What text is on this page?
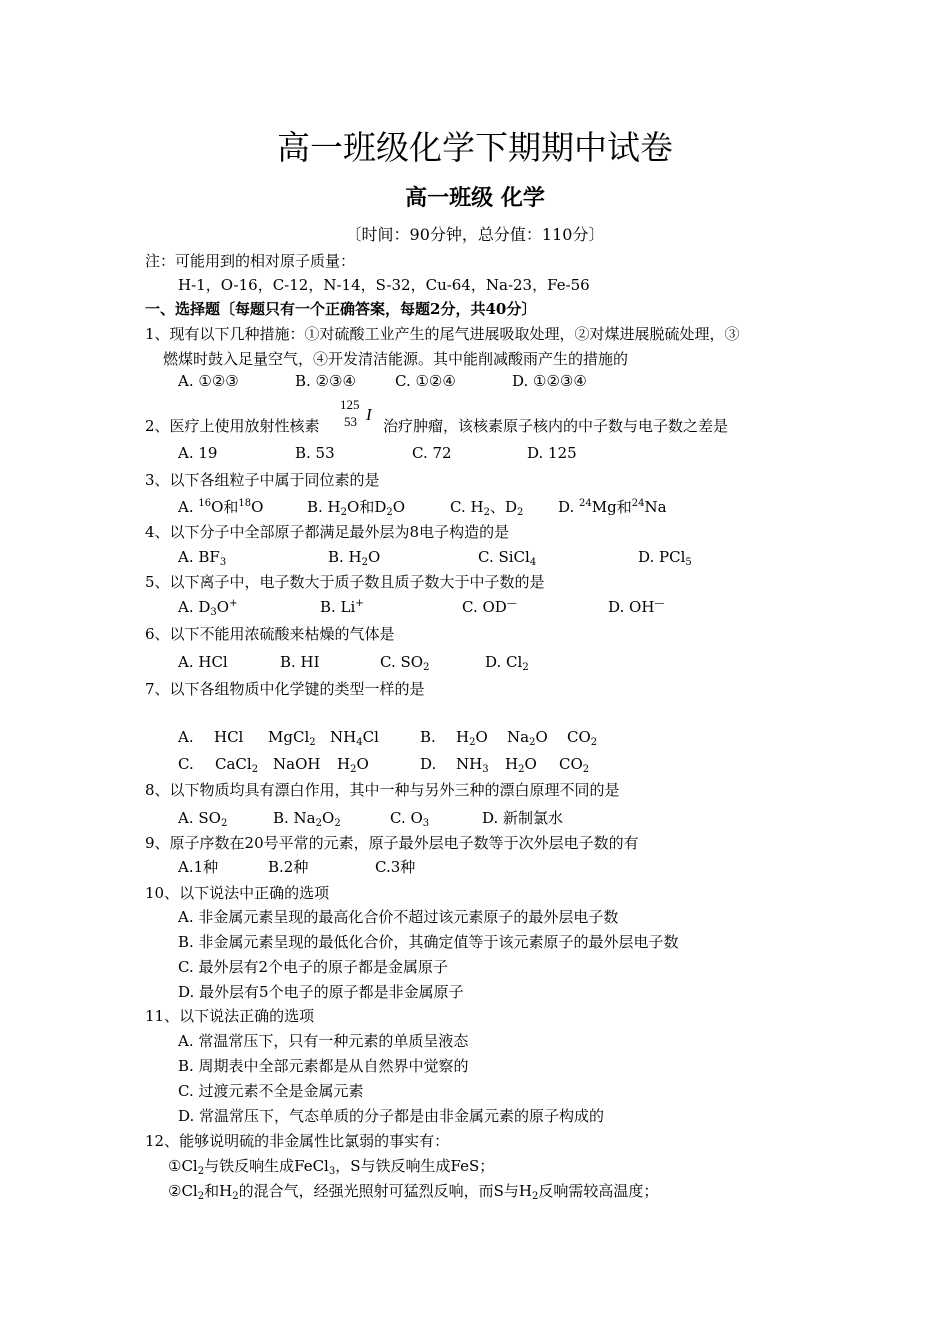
高一班级化学下期期中试卷
高一班级 化学
〔时间：90分钟，总分值：110分〕
注：可能用到的相对原子质量：
H-1，O-16，C-12，N-14，S-32，Cu-64，Na-23，Fe-56
一、选择题〔每题只有一个正确答案，每题2分，共40分〕
1、现有以下几种措施：①对硫酸工业产生的尾气进展吸取处理，②对煤进展脱硫处理，③
燃煤时鼓入足量空气，④开发清洁能源。其中能削减酸雨产生的措施的
A. ①②③	B. ②③④	C. ①②④	D. ①②③④
2、医疗上使用放射性核素
125
53 I
治疗肿瘤，该核素原子核内的中子数与电子数之差是
A. 19	B. 53	C. 72	D. 125
3、以下各组粒子中属于同位素的是
A. $^{16}$O和$^{18}$O	B. $H_2O$和$D_2O$	C. $H_2$、$D_2$ D. $^{24}$Mg和$^{24}$Na
4、以下分子中全部原子都满足最外层为8电子构造的是
A. $BF_3$	B. $H_2O$	C. SiCl$_4$	D. PCl$_5$
5、以下离子中，电子数大于质子数且质子数大于中子数的是
A. $D_3O^+$	B. Li+	C. OD—	D. OH—
6、以下不能用浓硫酸来枯燥的气体是
A. HCl	B. HI	C. $SO_2$	D. $Cl_2$
7、以下各组物质中化学键的类型一样的是
A. HCl MgCl$_2$ $NH_4Cl$	B. $H_2O$ $Na_2O$ $CO_2$
C. CaCl$_2$ NaOH $H_2O$	D. $NH_3$ $H_2O$ $CO_2$
8、以下物质均具有漂白作用，其中一种与另外三种的漂白原理不同的是
A. $SO_2$	B. $Na_2O_2$	C. $O_3$	D. 新制氯水
9、原子序数在20号平常的元素，原子最外层电子数等于次外层电子数的有
A.1种	B.2种	C.3种
10、以下说法中正确的选项
A. 非金属元素呈现的最高化合价不超过该元素原子的最外层电子数
B. 非金属元素呈现的最低化合价，其确定值等于该元素原子的最外层电子数
C. 最外层有2个电子的原子都是金属原子
D. 最外层有5个电子的原子都是非金属原子
11、以下说法正确的选项
A. 常温常压下，只有一种元素的单质呈液态
B. 周期表中全部元素都是从自然界中觉察的
C. 过渡元素不全是金属元素
D. 常温常压下，气态单质的分子都是由非金属元素的原子构成的
12、能够说明硫的非金属性比氯弱的事实有：
$①Cl_2$与铁反响生成FeCl$_3$，S与铁反响生成FeS；
$②Cl_2$和$H_2$的混合气，经强光照射可猛烈反响，而S与$H_2$反响需较高温度；
